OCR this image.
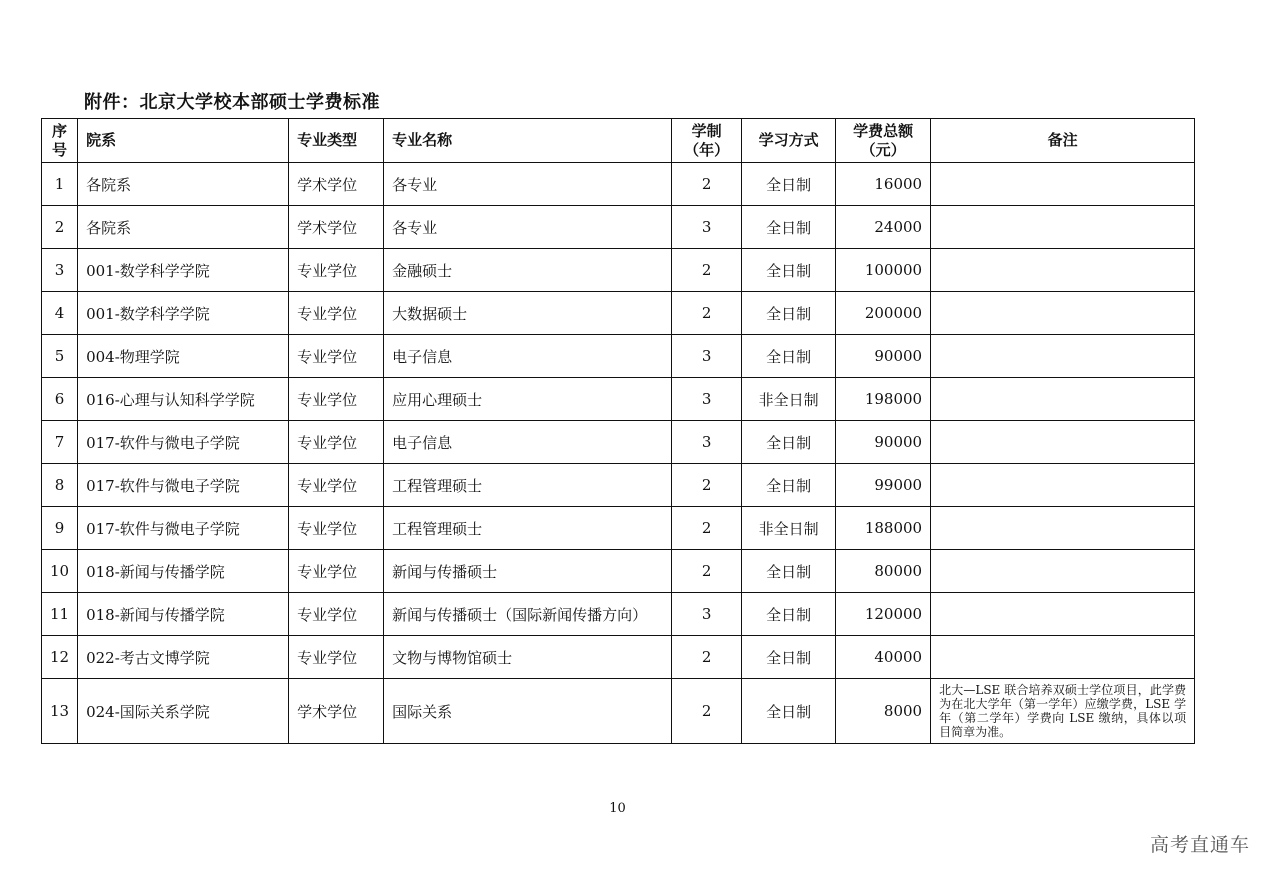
附件：北京大学校本部硕士学费标准
序号	院系	专业类型	专业名称	学制（年）	学习方式	学费总额（元）	备注
1	各院系	学术学位	各专业	2	全日制	16000	
2	各院系	学术学位	各专业	3	全日制	24000	
3	001-数学科学学院	专业学位	金融硕士	2	全日制	100000	
4	001-数学科学学院	专业学位	大数据硕士	2	全日制	200000	
5	004-物理学院	专业学位	电子信息	3	全日制	90000	
6	016-心理与认知科学学院	专业学位	应用心理硕士	3	非全日制	198000	
7	017-软件与微电子学院	专业学位	电子信息	3	全日制	90000	
8	017-软件与微电子学院	专业学位	工程管理硕士	2	全日制	99000	
9	017-软件与微电子学院	专业学位	工程管理硕士	2	非全日制	188000	
10	018-新闻与传播学院	专业学位	新闻与传播硕士	2	全日制	80000	
11	018-新闻与传播学院	专业学位	新闻与传播硕士（国际新闻传播方向）	3	全日制	120000	
12	022-考古文博学院	专业学位	文物与博物馆硕士	2	全日制	40000	
13	024-国际关系学院	学术学位	国际关系	2	全日制	8000	北大—LSE 联合培养双硕士学位项目，此学费为在北大学年（第一学年）应缴学费，LSE 学年（第二学年）学费向 LSE 缴纳，具体以项目简章为准。
10
高考直通车
